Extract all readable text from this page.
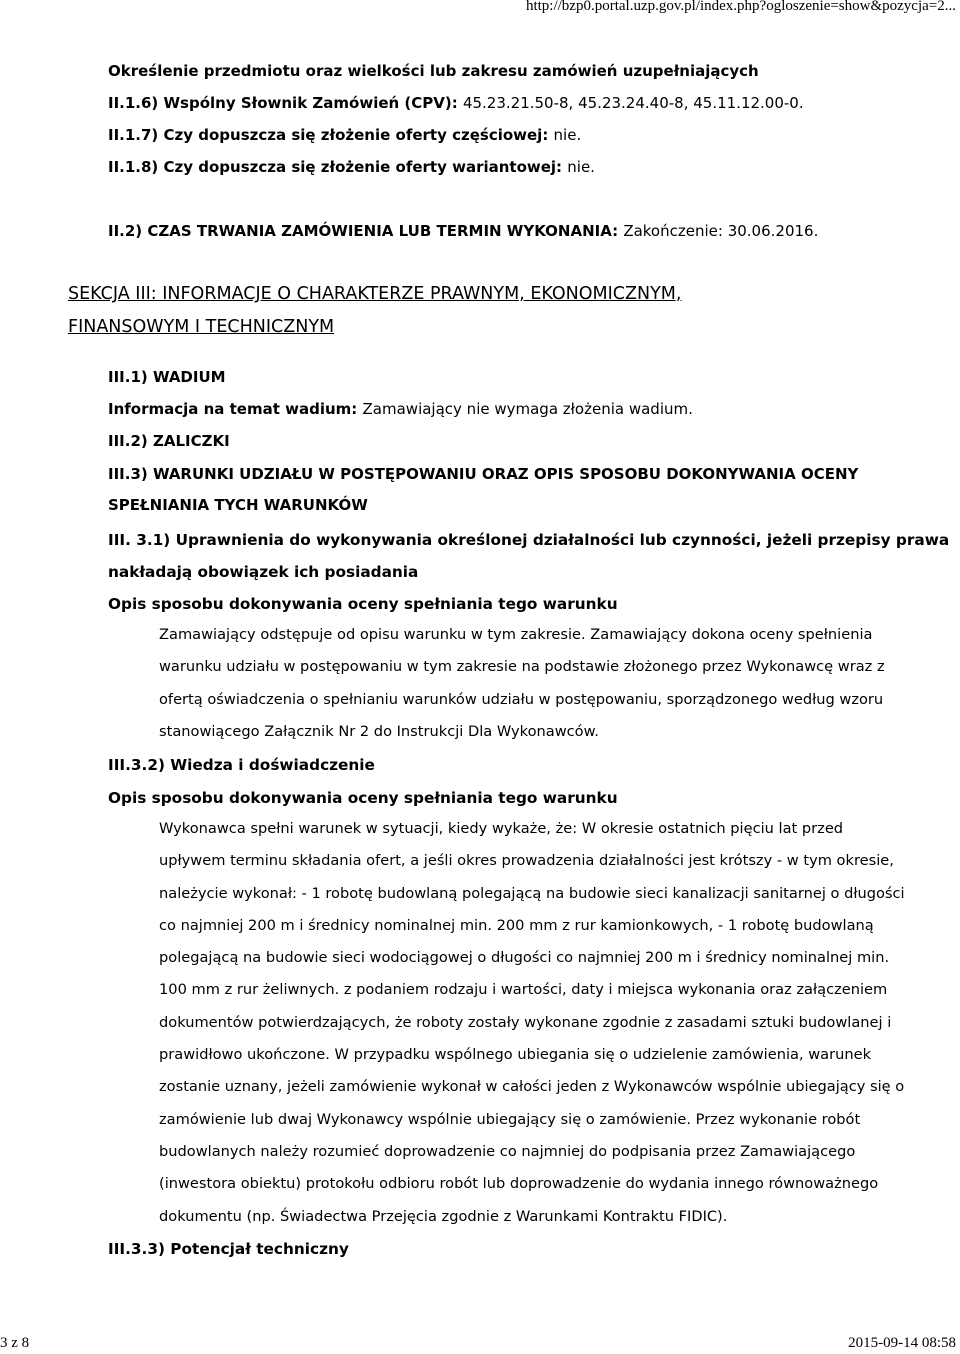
http://bzp0.portal.uzp.gov.pl/index.php?ogloszenie=show&pozycja=2...
Określenie przedmiotu oraz wielkości lub zakresu zamówień uzupełniających
II.1.6) Wspólny Słownik Zamówień (CPV): 45.23.21.50-8, 45.23.24.40-8, 45.11.12.00-0.
II.1.7) Czy dopuszcza się złożenie oferty częściowej: nie.
II.1.8) Czy dopuszcza się złożenie oferty wariantowej: nie.
II.2) CZAS TRWANIA ZAMÓWIENIA LUB TERMIN WYKONANIA: Zakończenie: 30.06.2016.
SEKCJA III: INFORMACJE O CHARAKTERZE PRAWNYM, EKONOMICZNYM,
FINANSOWYM I TECHNICZNYM
III.1) WADIUM
Informacja na temat wadium: Zamawiający nie wymaga złożenia wadium.
III.2) ZALICZKI
III.3) WARUNKI UDZIAŁU W POSTĘPOWANIU ORAZ OPIS SPOSOBU DOKONYWANIA OCENY
SPEŁNIANIA TYCH WARUNKÓW
III. 3.1) Uprawnienia do wykonywania określonej działalności lub czynności, jeżeli przepisy prawa
nakładają obowiązek ich posiadania
Opis sposobu dokonywania oceny spełniania tego warunku
Zamawiający odstępuje od opisu warunku w tym zakresie. Zamawiający dokona oceny spełnienia
warunku udziału w postępowaniu w tym zakresie na podstawie złożonego przez Wykonawcę wraz z
ofertą oświadczenia o spełnianiu warunków udziału w postępowaniu, sporządzonego według wzoru
stanowiącego Załącznik Nr 2 do Instrukcji Dla Wykonawców.
III.3.2) Wiedza i doświadczenie
Opis sposobu dokonywania oceny spełniania tego warunku
Wykonawca spełni warunek w sytuacji, kiedy wykaże, że: W okresie ostatnich pięciu lat przed
upływem terminu składania ofert, a jeśli okres prowadzenia działalności jest krótszy - w tym okresie,
należycie wykonał: - 1 robotę budowlaną polegającą na budowie sieci kanalizacji sanitarnej o długości
co najmniej 200 m i średnicy nominalnej min. 200 mm z rur kamionkowych, - 1 robotę budowlaną
polegającą na budowie sieci wodociągowej o długości co najmniej 200 m i średnicy nominalnej min.
100 mm z rur żeliwnych. z podaniem rodzaju i wartości, daty i miejsca wykonania oraz załączeniem
dokumentów potwierdzających, że roboty zostały wykonane zgodnie z zasadami sztuki budowlanej i
prawidłowo ukończone. W przypadku wspólnego ubiegania się o udzielenie zamówienia, warunek
zostanie uznany, jeżeli zamówienie wykonał w całości jeden z Wykonawców wspólnie ubiegający się o
zamówienie lub dwaj Wykonawcy wspólnie ubiegający się o zamówienie. Przez wykonanie robót
budowlanych należy rozumieć doprowadzenie co najmniej do podpisania przez Zamawiającego
(inwestora obiektu) protokołu odbioru robót lub doprowadzenie do wydania innego równoważnego
dokumentu (np. Świadectwa Przejęcia zgodnie z Warunkami Kontraktu FIDIC).
III.3.3) Potencjał techniczny
3 z 8	2015-09-14 08:58
